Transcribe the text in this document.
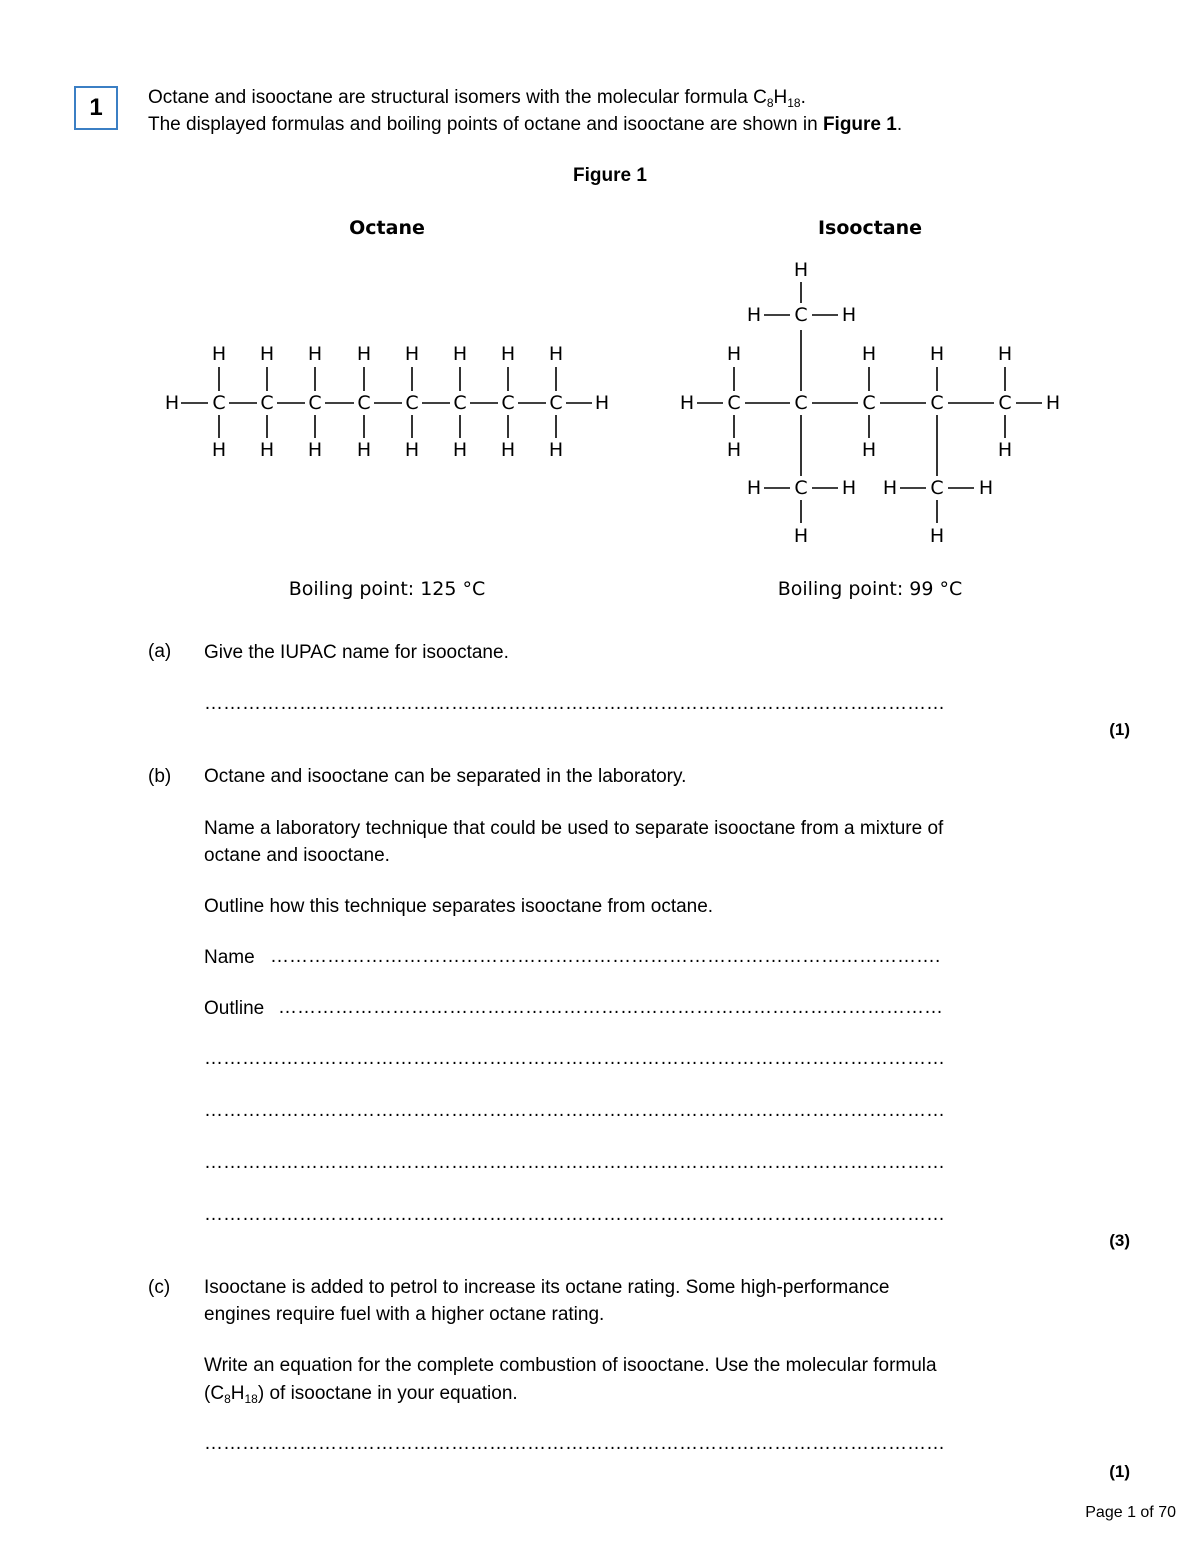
1	Octane and isooctane are structural isomers with the molecular formula $C_8H_{18}$.
The displayed formulas and boiling points of octane and isooctane are shown in Figure 1.
Figure 1
Octane	Isooctane
Boiling point: 125 °C	Boiling point: 99 °C
H C
H
H
C
H
H
C
H
H
C
H
H
C
H
H
C
H
H
C
H
H
C
H
H
H	H C	C	C	C	C H
H
H
H
H
H
H
H
C
H	H
H
C
H	H
H
C
H	H
H
(a) Give the IUPAC name for isooctane.
………………………………………………………………………………………………………
(1)
(b) Octane and isooctane can be separated in the laboratory.
Name a laboratory technique that could be used to separate isooctane from a mixture of
octane and isooctane.
Outline how this technique separates isooctane from octane.
Name …………………………………………………………………………………………….
Outline ……………………………………………………………………………………………
………………………………………………………………………………………………………
………………………………………………………………………………………………………
………………………………………………………………………………………………………
………………………………………………………………………………………………………
(3)
(c) Isooctane is added to petrol to increase its octane rating. Some high-performance
engines require fuel with a higher octane rating.
Write an equation for the complete combustion of isooctane. Use the molecular formula
$(C_8H_{18})$ of isooctane in your equation.
………………………………………………………………………………………………………
(1)
Page 1 of 70
